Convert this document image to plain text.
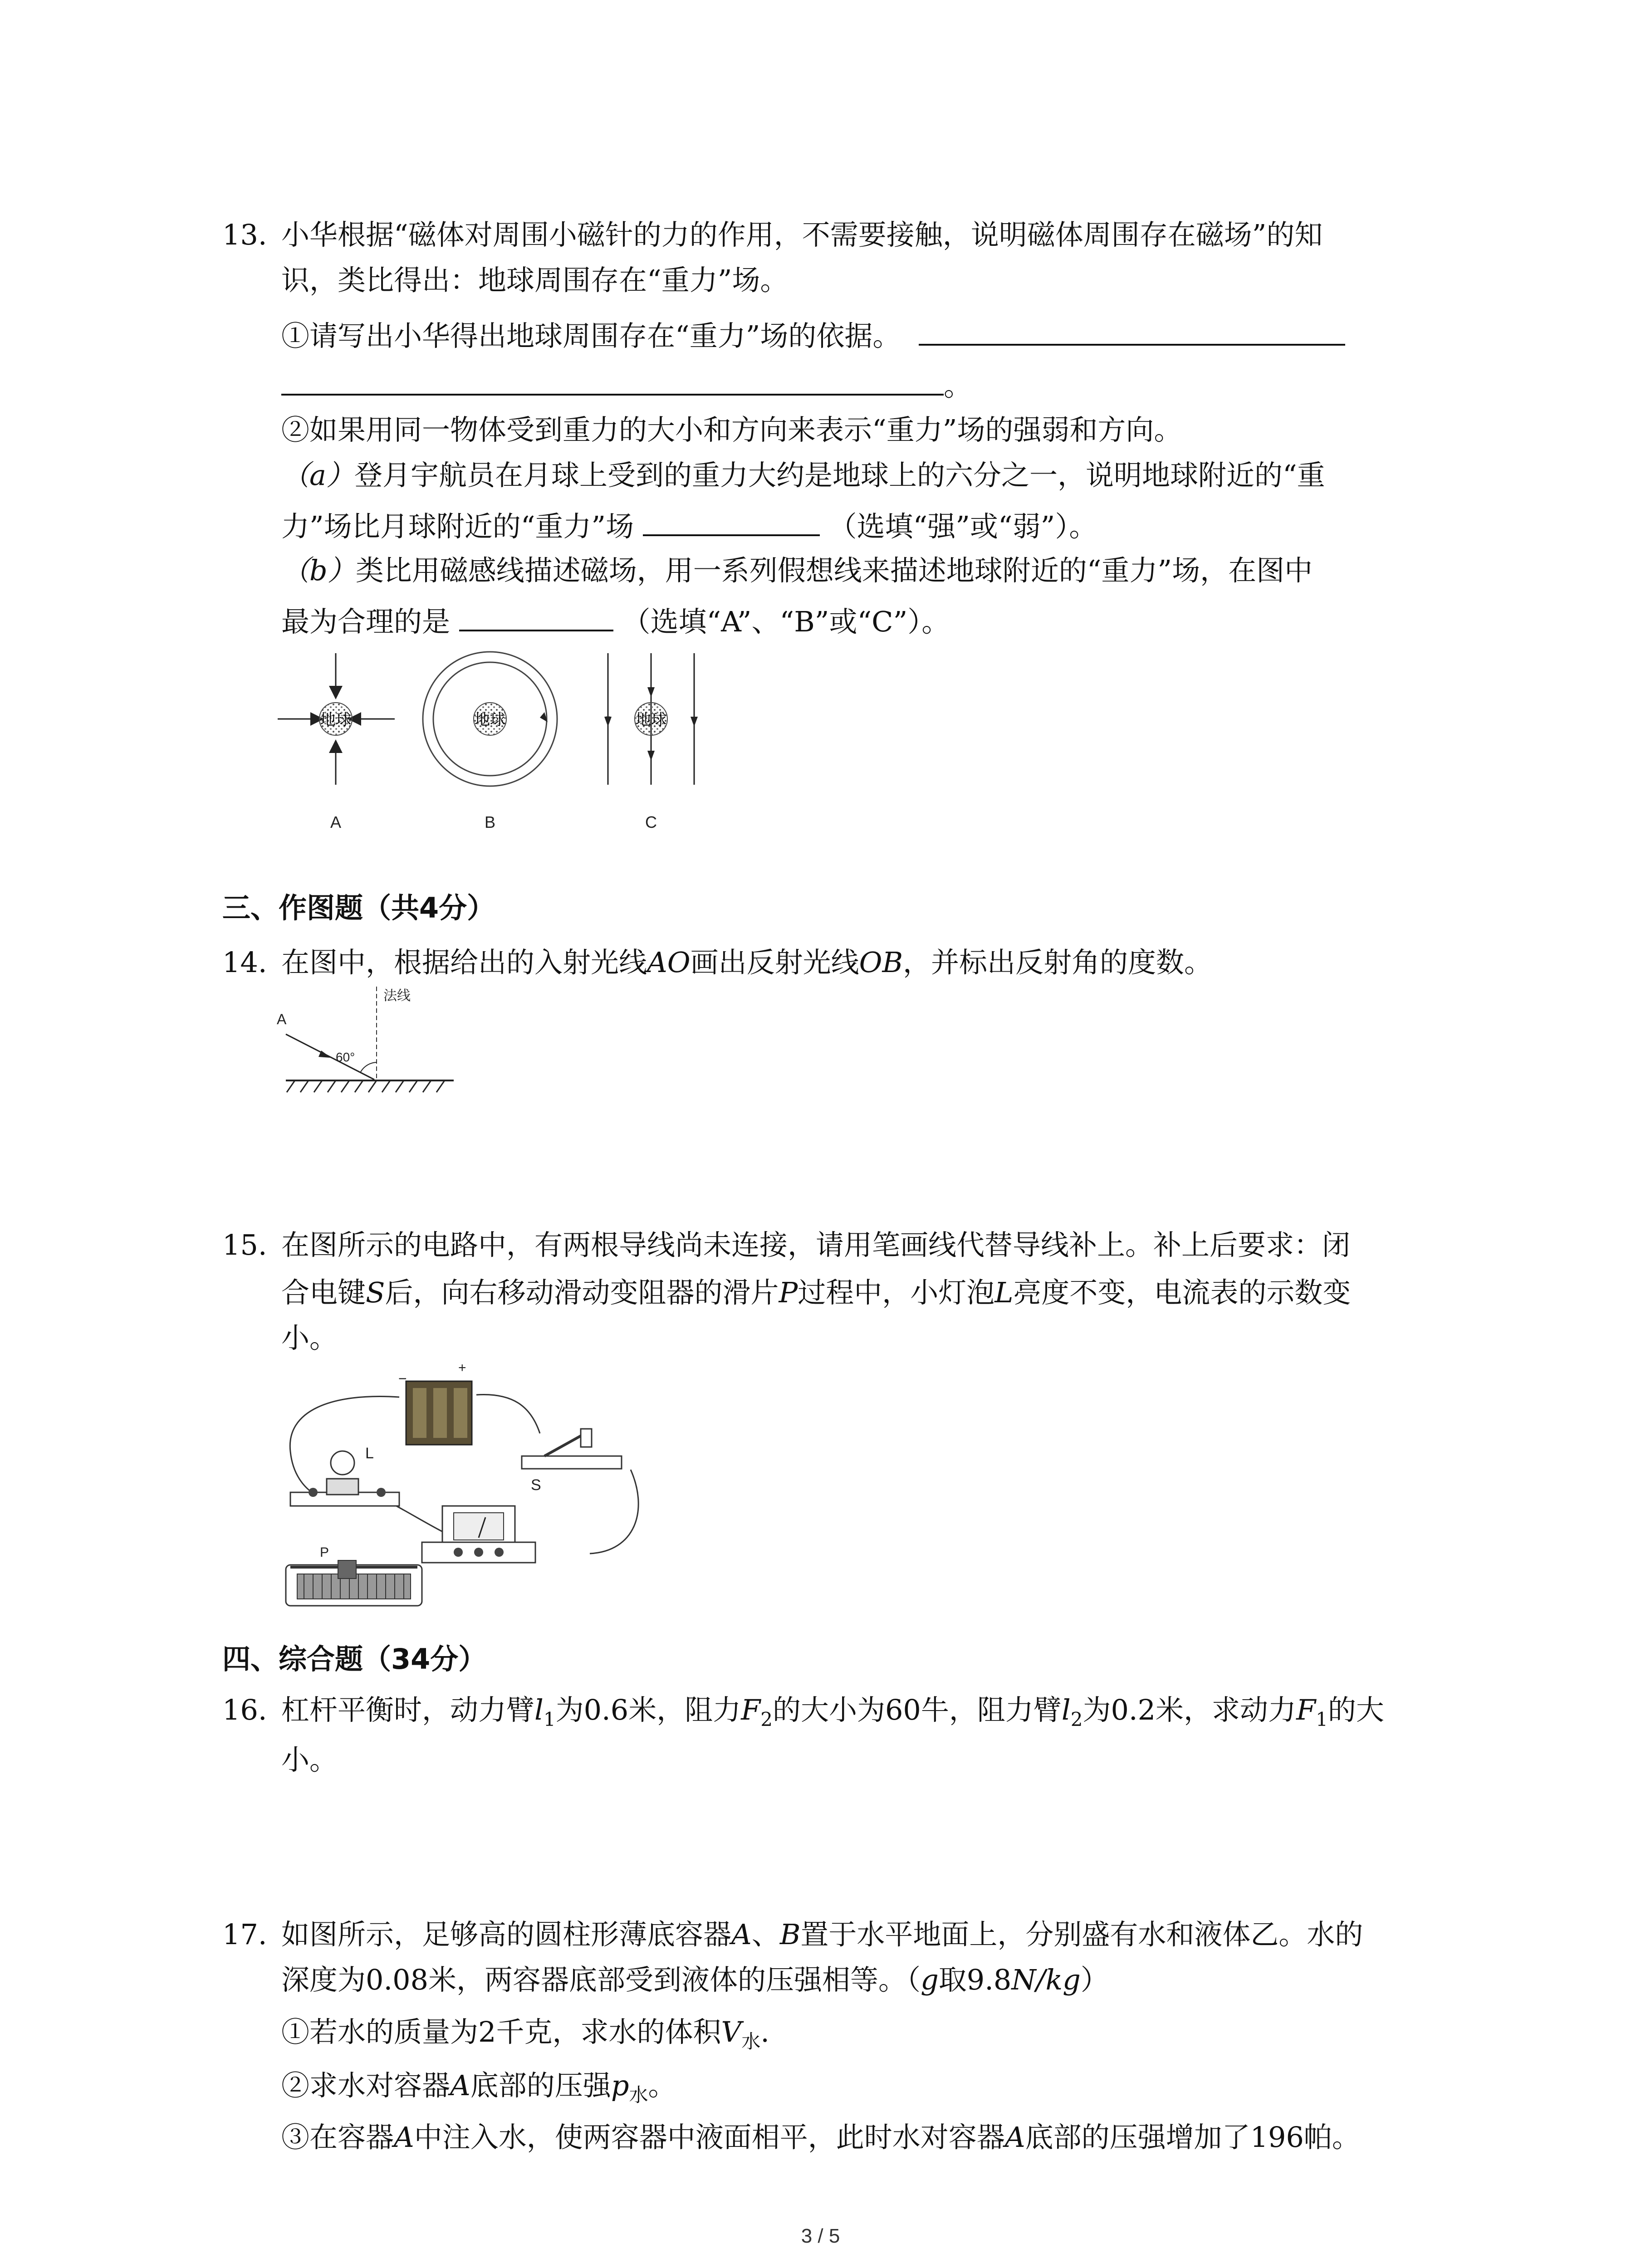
13. 小华根据“磁体对周围小磁针的力的作用，不需要接触，说明磁体周围存在磁场”的知
识，类比得出：地球周围存在“重力”场。
①请写出小华得出地球周围存在“重力”场的依据。
。
②如果用同一物体受到重力的大小和方向来表示“重力”场的强弱和方向。
（a）登月宇航员在月球上受到的重力大约是地球上的六分之一，说明地球附近的“重
力”场比月球附近的“重力”场	（选填“强”或“弱”）。
（b）类比用磁感线描述磁场，用一系列假想线来描述地球附近的“重力”场，在图中
最为合理的是	（选填“A”、“B”或“C”）。
地球
A
地球
B
地球
C
三、作图题（共4分）
14. 在图中，根据给出的入射光线AO画出反射光线OB，并标出反射角的度数。
法线
A
60°
15. 在图所示的电路中，有两根导线尚未连接，请用笔画线代替导线补上。补上后要求：闭
合电键S后，向右移动滑动变阻器的滑片P过程中，小灯泡L亮度不变，电流表的示数变
小。
−
+
S
L
P
四、综合题（34分）
16. 杠杆平衡时，动力臂$l_1$为0.6米，阻力$F_2$的大小为60牛，阻力臂$l_2$为0.2米，求动力$F_1$的大
小。
17. 如图所示，足够高的圆柱形薄底容器A、B置于水平地面上，分别盛有水和液体乙。水的
深度为0.08米，两容器底部受到液体的压强相等。（g取9.8N/kg）
①若水的质量为2千克，求水的体积$V_水$.
②求水对容器A底部的压强$p_水$。
③在容器A中注入水，使两容器中液面相平，此时水对容器A底部的压强增加了196帕。
3 / 5
